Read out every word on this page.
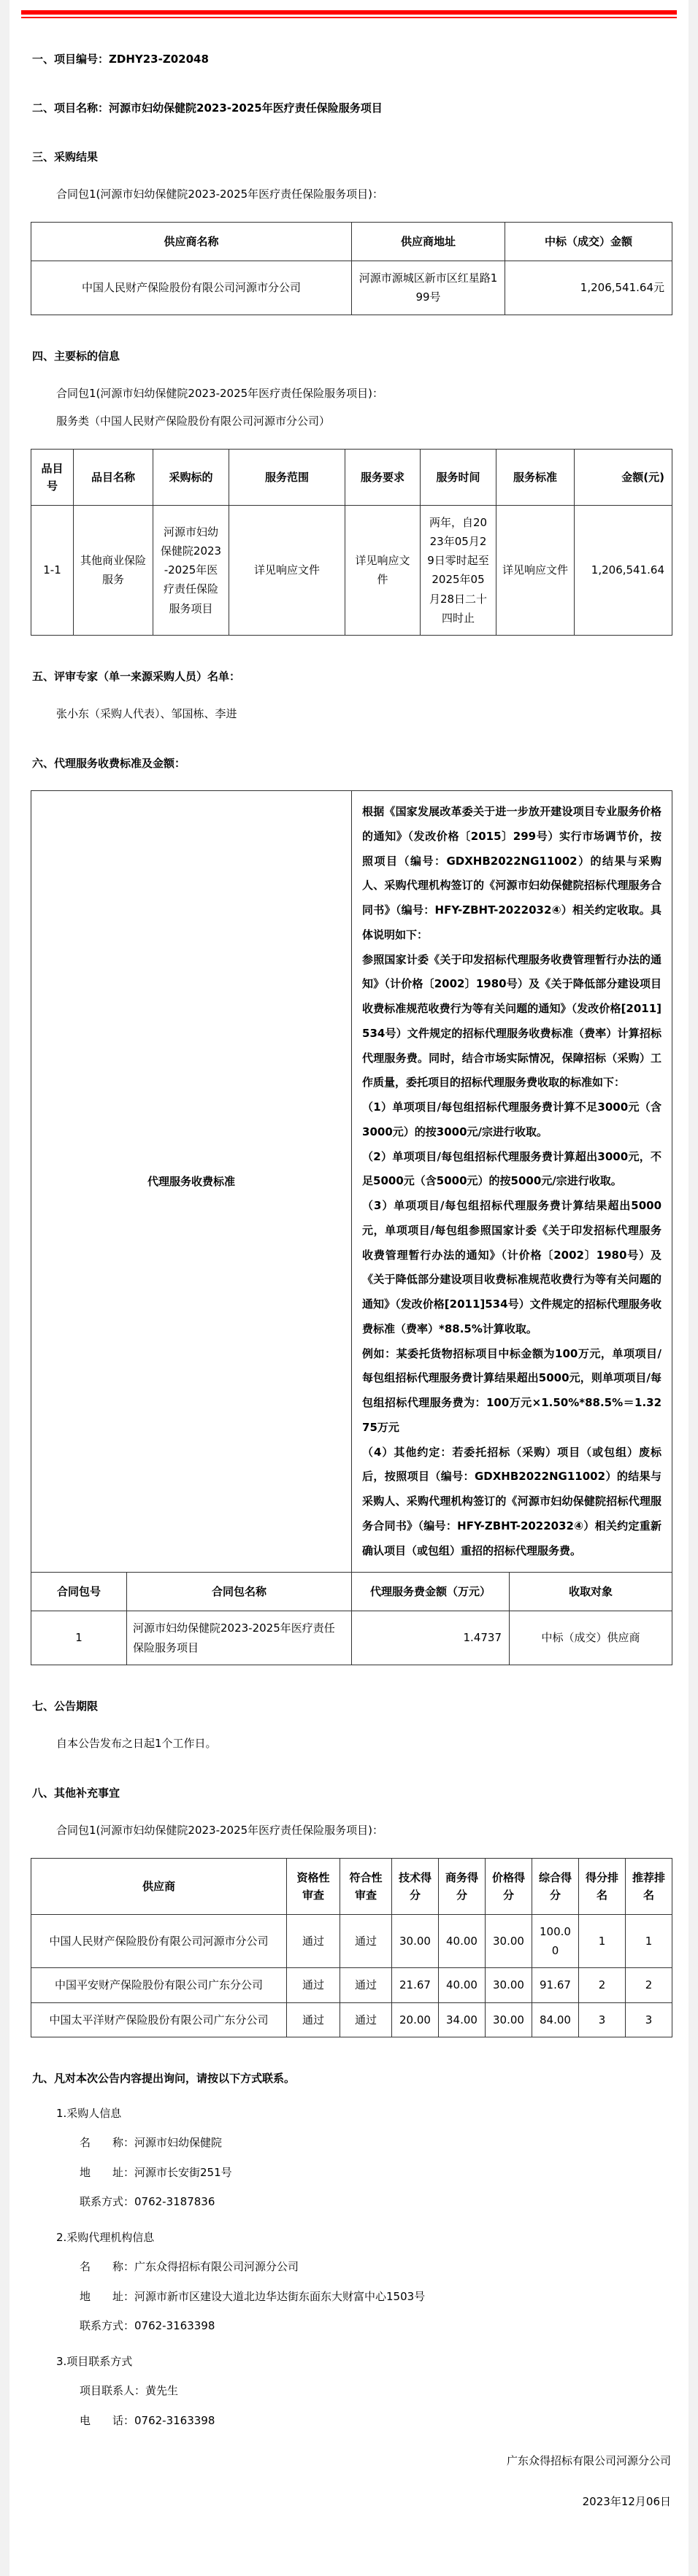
一、项目编号：ZDHY23-Z02048
二、项目名称：河源市妇幼保健院2023-2025年医疗责任保险服务项目
三、采购结果
合同包1(河源市妇幼保健院2023-2025年医疗责任保险服务项目)：
供应商名称	供应商地址	中标（成交）金额
中国人民财产保险股份有限公司河源市分公司	河源市源城区新市区红星路199号	1,206,541.64元
四、主要标的信息
合同包1(河源市妇幼保健院2023-2025年医疗责任保险服务项目)：
服务类（中国人民财产保险股份有限公司河源市分公司）
品目号	品目名称	采购标的	服务范围	服务要求	服务时间	服务标准	金额(元)
1-1	其他商业保险服务	河源市妇幼保健院2023-2025年医疗责任保险服务项目	详见响应文件	详见响应文件	两年，自2023年05月29日零时起至2025年05月28日二十四时止	详见响应文件	1,206,541.64
五、评审专家（单一来源采购人员）名单：
张小东（采购人代表）、邹国栋、李进
六、代理服务收费标准及金额：
代理服务收费标准	

根据《国家发展改革委关于进一步放开建设项目专业服务价格的通知》（发改价格〔2015〕299号）实行市场调节价，按照项目（编号：GDXHB2022NG11002）的结果与采购人、采购代理机构签订的《河源市妇幼保健院招标代理服务合同书》（编号：HFY-ZBHT-2022032④）相关约定收取。具体说明如下：

参照国家计委《关于印发招标代理服务收费管理暂行办法的通知》（计价格〔2002〕1980号）及《关于降低部分建设项目收费标准规范收费行为等有关问题的通知》（发改价格[2011]534号）文件规定的招标代理服务收费标准（费率）计算招标代理服务费。同时，结合市场实际情况，保障招标（采购）工作质量，委托项目的招标代理服务费收取的标准如下：

（1）单项项目/每包组招标代理服务费计算不足3000元（含3000元）的按3000元/宗进行收取。

（2）单项项目/每包组招标代理服务费计算超出3000元，不足5000元（含5000元）的按5000元/宗进行收取。

（3）单项项目/每包组招标代理服务费计算结果超出5000元，单项项目/每包组参照国家计委《关于印发招标代理服务收费管理暂行办法的通知》（计价格〔2002〕1980号）及《关于降低部分建设项目收费标准规范收费行为等有关问题的通知》（发改价格[2011]534号）文件规定的招标代理服务收费标准（费率）*88.5%计算收取。

例如：某委托货物招标项目中标金额为100万元，单项项目/每包组招标代理服务费计算结果超出5000元，则单项项目/每包组招标代理服务费为：100万元×1.50%*88.5%＝1.3275万元

（4）其他约定：若委托招标（采购）项目（或包组）废标后，按照项目（编号：GDXHB2022NG11002）的结果与采购人、采购代理机构签订的《河源市妇幼保健院招标代理服务合同书》（编号：HFY-ZBHT-2022032④）相关约定重新确认项目（或包组）重招的招标代理服务费。

合同包号	合同包名称	代理服务费金额（万元）	收取对象
1	河源市妇幼保健院2023-2025年医疗责任保险服务项目	1.4737	中标（成交）供应商
七、公告期限
自本公告发布之日起1个工作日。
八、其他补充事宜
合同包1(河源市妇幼保健院2023-2025年医疗责任保险服务项目)：
供应商	资格性审查	符合性审查	技术得分	商务得分	价格得分	综合得分	得分排名	推荐排名
中国人民财产保险股份有限公司河源市分公司	通过	通过	30.00	40.00	30.00	100.00	1	1
中国平安财产保险股份有限公司广东分公司	通过	通过	21.67	40.00	30.00	91.67	2	2
中国太平洋财产保险股份有限公司广东分公司	通过	通过	20.00	34.00	30.00	84.00	3	3
九、凡对本次公告内容提出询问，请按以下方式联系。
1.采购人信息
名　　称：河源市妇幼保健院
地　　址：河源市长安街251号
联系方式：0762-3187836
2.采购代理机构信息
名　　称：广东众得招标有限公司河源分公司
地　　址：河源市新市区建设大道北边华达街东面东大财富中心1503号
联系方式：0762-3163398
3.项目联系方式
项目联系人：黄先生
电　　话：0762-3163398
广东众得招标有限公司河源分公司
2023年12月06日
